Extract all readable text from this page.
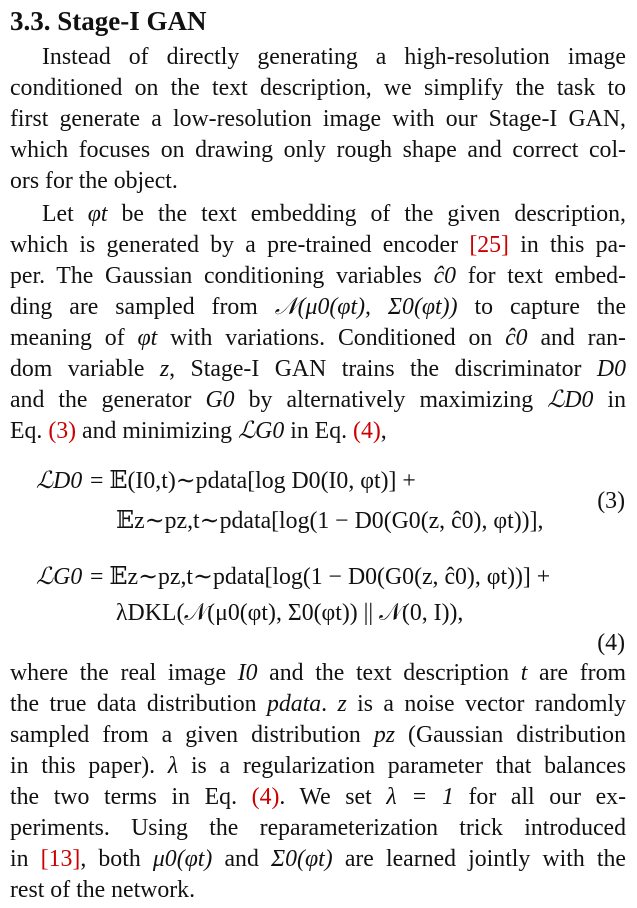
3.3. Stage-I GAN
Instead of directly generating a high-resolution image
conditioned on the text description, we simplify the task to
first generate a low-resolution image with our Stage-I GAN,
which focuses on drawing only rough shape and correct col-
ors for the object.
Let φt be the text embedding of the given description,
which is generated by a pre-trained encoder [25] in this pa-
per. The Gaussian conditioning variables ĉ0 for text embed-
ding are sampled from 𝒩(μ0(φt), Σ0(φt)) to capture the
meaning of φt with variations. Conditioned on ĉ0 and ran-
dom variable z, Stage-I GAN trains the discriminator D0
and the generator G0 by alternatively maximizing ℒD0 in
Eq. (3) and minimizing ℒG0 in Eq. (4),
ℒD0 = 𝔼(I0,t)∼pdata[log D0(I0, φt)] +
𝔼z∼pz,t∼pdata[log(1 − D0(G0(z, ĉ0), φt))],
(3)
ℒG0 = 𝔼z∼pz,t∼pdata[log(1 − D0(G0(z, ĉ0), φt))] +
λDKL(𝒩(μ0(φt), Σ0(φt)) || 𝒩(0, I)),
(4)
where the real image I0 and the text description t are from
the true data distribution pdata. z is a noise vector randomly
sampled from a given distribution pz (Gaussian distribution
in this paper). λ is a regularization parameter that balances
the two terms in Eq. (4). We set λ = 1 for all our ex-
periments. Using the reparameterization trick introduced
in [13], both μ0(φt) and Σ0(φt) are learned jointly with the
rest of the network.
